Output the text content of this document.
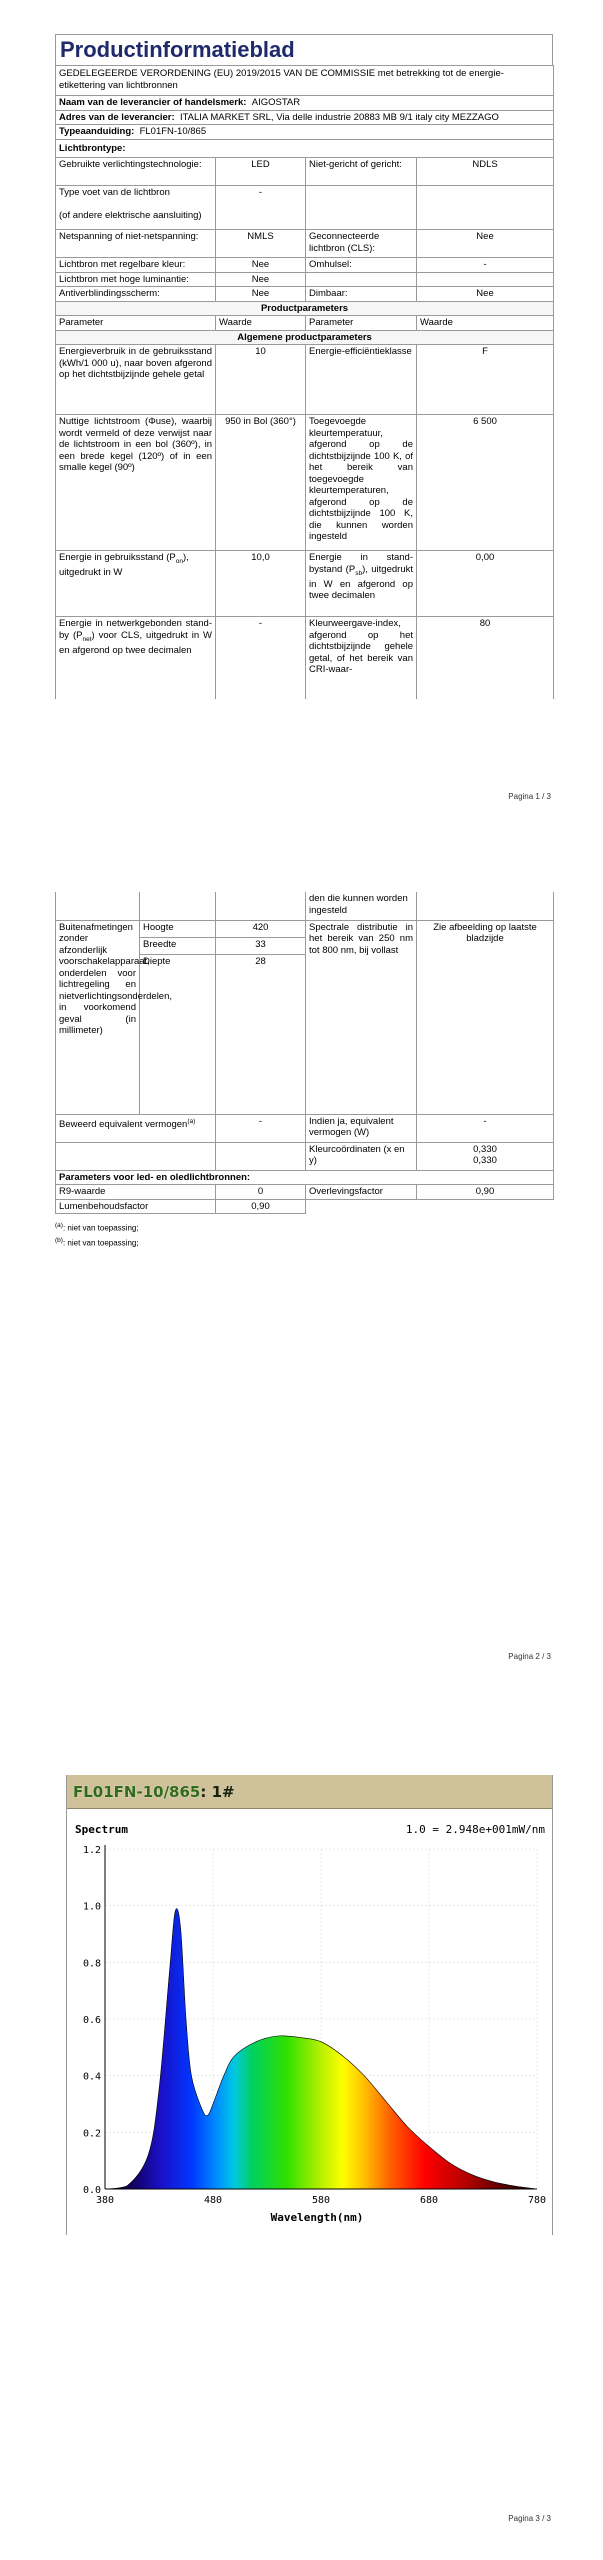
Productinformatieblad
GEDELEGEERDE VERORDENING (EU) 2019/2015 VAN DE COMMISSIE met betrekking tot de energie-etikettering van lichtbronnen			
Naam van de leverancier of handelsmerk: AIGOSTAR			
Adres van de leverancier: ITALIA MARKET SRL, Via delle industrie 20883 MB 9/1 italy city MEZZAGO			
Typeaanduiding: FL01FN-10/865			
Lichtbrontype:			
Gebruikte verlichtingstechnologie:	LED	Niet-gericht of gericht:	NDLS
Type voet van de lichtbron

(of andere elektrische aansluiting)	-		
Netspanning of niet-netspanning:	NMLS	Geconnecteerde lichtbron (CLS):	Nee
Lichtbron met regelbare kleur:	Nee	Omhulsel:	-
Lichtbron met hoge luminantie:	Nee		
Antiverblindingsscherm:	Nee	Dimbaar:	Nee
Productparameters			
Parameter	Waarde	Parameter	Waarde
Algemene productparameters			
Energieverbruik in de gebruiksstand (kWh/1 000 u), naar boven afgerond op het dichtstbijzijnde gehele getal	10	Energie-efficiëntieklasse	F
Nuttige lichtstroom (Φuse), waarbij wordt vermeld of deze verwijst naar de lichtstroom in een bol (360º), in een brede kegel (120º) of in een smalle kegel (90º)	950 in Bol (360°)	Toegevoegde kleurtemperatuur, afgerond op de dichtstbijzijnde 100 K, of het bereik van toegevoegde kleurtemperaturen, afgerond op de dichtstbijzijnde 100 K, die kunnen worden ingesteld	6 500
Energie in gebruiksstand $(P_{on})$, uitgedrukt in W	10,0	Energie in stand-bystand $(P_{sb})$, uitgedrukt in W en afgerond op twee decimalen	0,00
Energie in netwerkgebonden stand-by $(P_{net})$ voor CLS, uitgedrukt in W en afgerond op twee decimalen	-	Kleurweergave-index, afgerond op het dichtstbijzijnde gehele getal, of het bereik van CRI-waar-	80
Pagina 1 / 3
			den die kunnen worden ingesteld	
Buitenafmetingen zonder afzonderlijk voorschakelapparaat, onderdelen voor lichtregeling en nietverlichtingsonderdelen, in voorkomend geval (in millimeter)	Hoogte	420	Spectrale distributie in het bereik van 250 nm tot 800 nm, bij vollast	Zie afbeelding op laatste bladzijde
	Breedte	33		
	Diepte	28		
Beweerd equivalent vermogen$^{(a)}$		-	Indien ja, equivalent vermogen (W)	-
			Kleurcoördinaten (x en y)	0,330
0,330
Parameters voor led- en oledlichtbronnen:				
R9-waarde		0	Overlevingsfactor	0,90
Lumenbehoudsfactor		0,90		
$^{(a)}$: niet van toepassing;
$^{(b)}$: niet van toepassing;
Pagina 2 / 3
Pagina 3 / 3
FL01FN-10/865 : 1#
Spectrum	1.0 = 2.948e+001mW/nm
0.0
0.2
0.4
0.6
0.8
1.0
1.2
380	480	580	680	780
Wavelength(nm)
